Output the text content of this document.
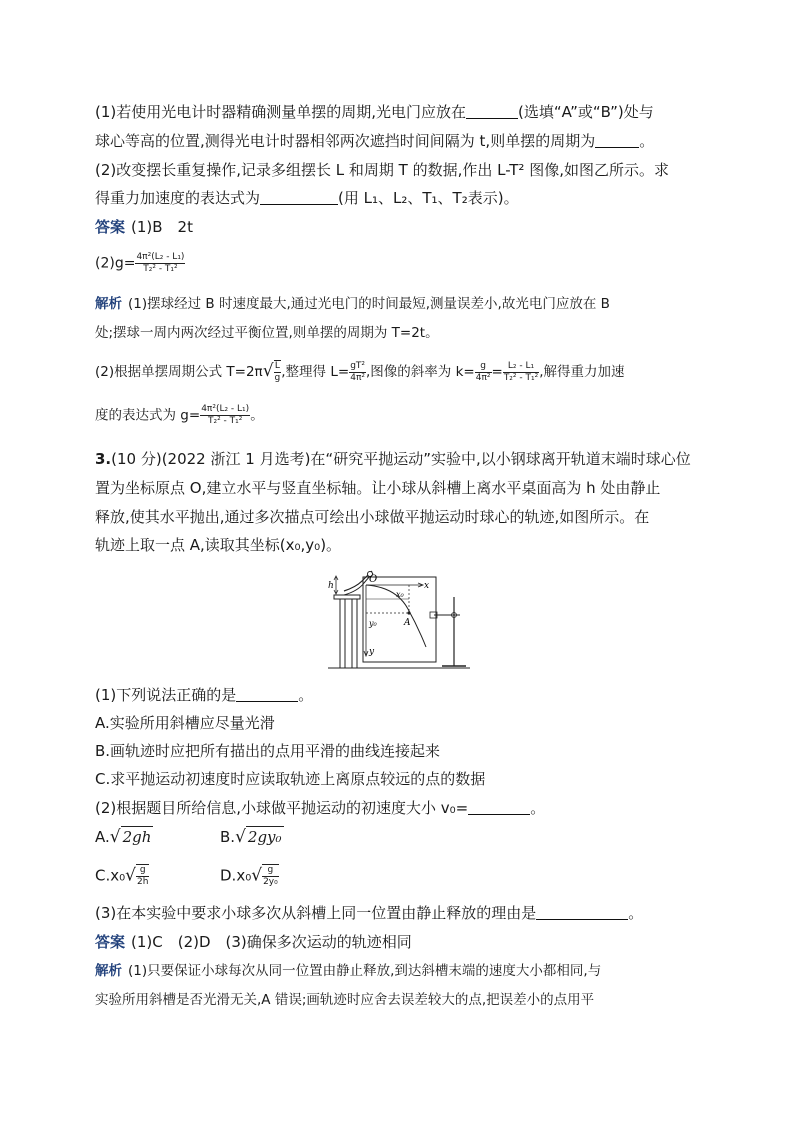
(1)若使用光电计时器精确测量单摆的周期,光电门应放在	(选填“A”或“B”)处与
球心等高的位置,测得光电计时器相邻两次遮挡时间间隔为 t,则单摆的周期为	。
(2)改变摆长重复操作,记录多组摆长 L 和周期 T 的数据,作出 L-T² 图像,如图乙所示。求
得重力加速度的表达式为	(用 L₁、L₂、T₁、T₂表示)。
答案 (1)B　2t
$(2)g= \frac{\text{4π²(L₂ - L₁)}}{\text{T₂² - T₁²}}$
解析 (1)摆球经过 B 时速度最大,通过光电门的时间最短,测量误差小,故光电门应放在 B
处;摆球一周内两次经过平衡位置,则单摆的周期为 T=2t。
(2)根据单摆周期公式 $T=2\pi√ \frac{L}{g}$ ,整理得 $L= \frac{\text{gT²}}{\text{4π²}}$ ,图像的斜率为 $k= \frac{g}{\text{4π²}} = \frac{\text{L₂ - L₁}}{\text{T₂² - T₁²}}$ ,解得重力加速
度的表达式为 $g= \frac{\text{4π²(L₂ - L₁)}}{\text{T₂² - T₁²}}$ 。
3.(10 分)(2022 浙江 1 月选考)在“研究平抛运动”实验中,以小钢球离开轨道末端时球心位
置为坐标原点 O,建立水平与竖直坐标轴。让小球从斜槽上离水平桌面高为 h 处由静止
释放,使其水平抛出,通过多次描点可绘出小球做平抛运动时球心的轨迹,如图所示。在
轨迹上取一点 A,读取其坐标(x₀,y₀)。
h
O
x
y
x₀
y₀	A
(1)下列说法正确的是	。
A.实验所用斜槽应尽量光滑
B.画轨迹时应把所有描出的点用平滑的曲线连接起来
C.求平抛运动初速度时应读取轨迹上离原点较远的点的数据
(2)根据题目所给信息,小球做平抛运动的初速度大小 v₀=	。
A.√ 2gh	B.√ 2gy₀
$C.x_0√ \frac{g}{2h}$	$D.x_0√ \frac{g}{\text{2y₀}}$
(3)在本实验中要求小球多次从斜槽上同一位置由静止释放的理由是	。
答案 (1)C　(2)D　(3)确保多次运动的轨迹相同
解析 (1)只要保证小球每次从同一位置由静止释放,到达斜槽末端的速度大小都相同,与
实验所用斜槽是否光滑无关,A 错误;画轨迹时应舍去误差较大的点,把误差小的点用平
